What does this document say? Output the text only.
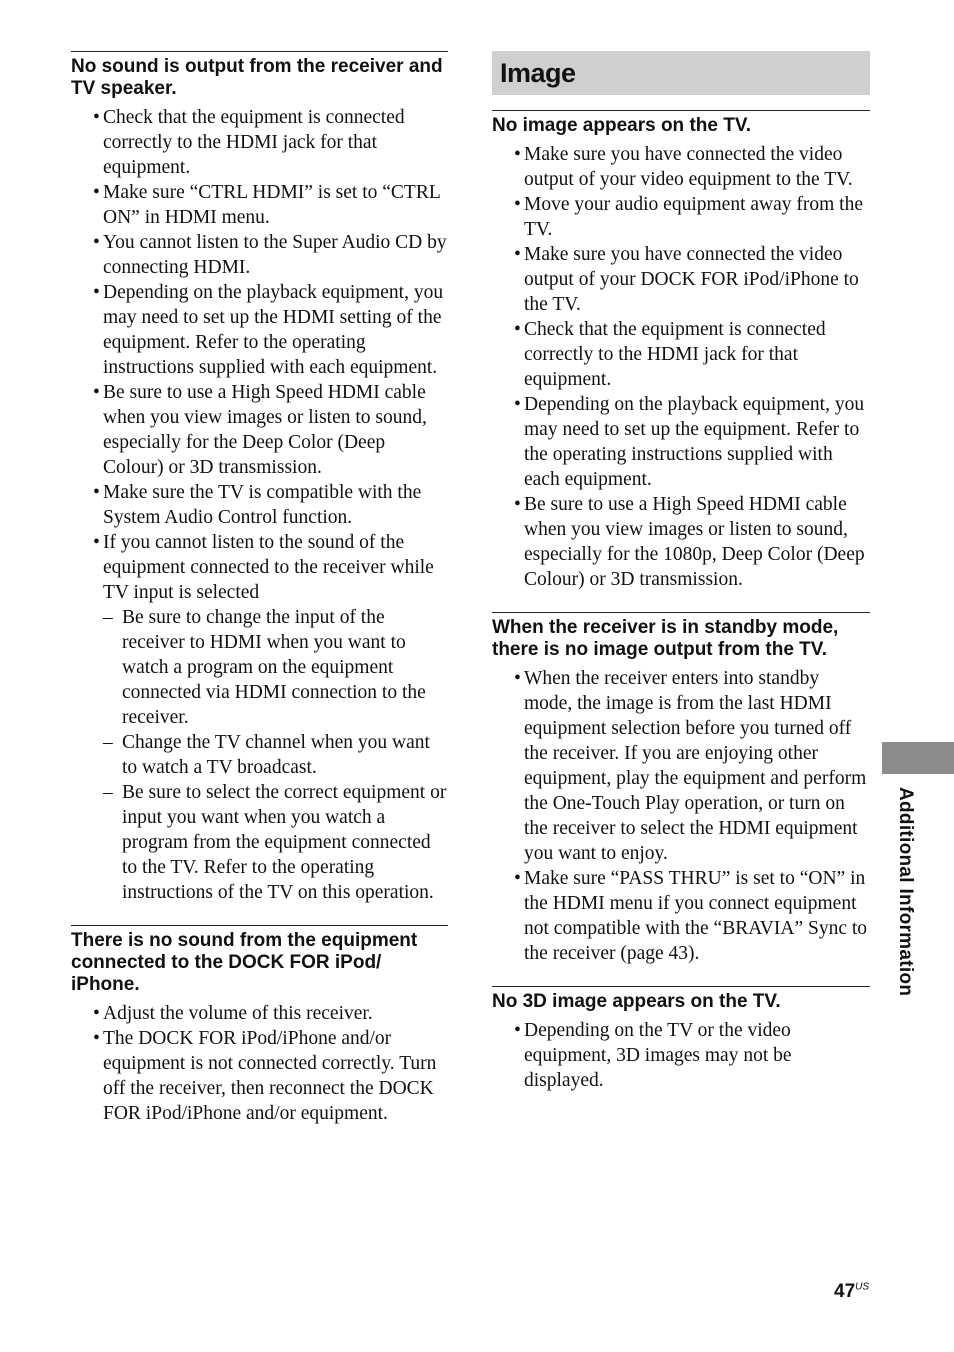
No sound is output from the receiver and TV speaker.
• Check that the equipment is connected correctly to the HDMI jack for that equipment.
• Make sure “CTRL HDMI” is set to “CTRL ON” in HDMI menu.
• You cannot listen to the Super Audio CD by connecting HDMI.
• Depending on the playback equipment, you may need to set up the HDMI setting of the equipment. Refer to the operating instructions supplied with each equipment.
• Be sure to use a High Speed HDMI cable when you view images or listen to sound, especially for the Deep Color (Deep Colour) or 3D transmission.
• Make sure the TV is compatible with the System Audio Control function.
• If you cannot listen to the sound of the equipment connected to the receiver while TV input is selected
– Be sure to change the input of the receiver to HDMI when you want to watch a program on the equipment connected via HDMI connection to the receiver.
– Change the TV channel when you want to watch a TV broadcast.
– Be sure to select the correct equipment or input you want when you watch a program from the equipment connected to the TV. Refer to the operating instructions of the TV on this operation.
There is no sound from the equipment connected to the DOCK FOR iPod/ iPhone.
• Adjust the volume of this receiver.
• The DOCK FOR iPod/iPhone and/or equipment is not connected correctly. Turn off the receiver, then reconnect the DOCK FOR iPod/iPhone and/or equipment.
Image
No image appears on the TV.
• Make sure you have connected the video output of your video equipment to the TV.
• Move your audio equipment away from the TV.
• Make sure you have connected the video output of your DOCK FOR iPod/iPhone to the TV.
• Check that the equipment is connected correctly to the HDMI jack for that equipment.
• Depending on the playback equipment, you may need to set up the equipment. Refer to the operating instructions supplied with each equipment.
• Be sure to use a High Speed HDMI cable when you view images or listen to sound, especially for the 1080p, Deep Color (Deep Colour) or 3D transmission.
When the receiver is in standby mode, there is no image output from the TV.
• When the receiver enters into standby mode, the image is from the last HDMI equipment selection before you turned off the receiver. If you are enjoying other equipment, play the equipment and perform the One-Touch Play operation, or turn on the receiver to select the HDMI equipment you want to enjoy.
• Make sure “PASS THRU” is set to “ON” in the HDMI menu if you connect equipment not compatible with the “BRAVIA” Sync to the receiver (page 43).
No 3D image appears on the TV.
• Depending on the TV or the video equipment, 3D images may not be displayed.
Additional Information
$47^{US}$
